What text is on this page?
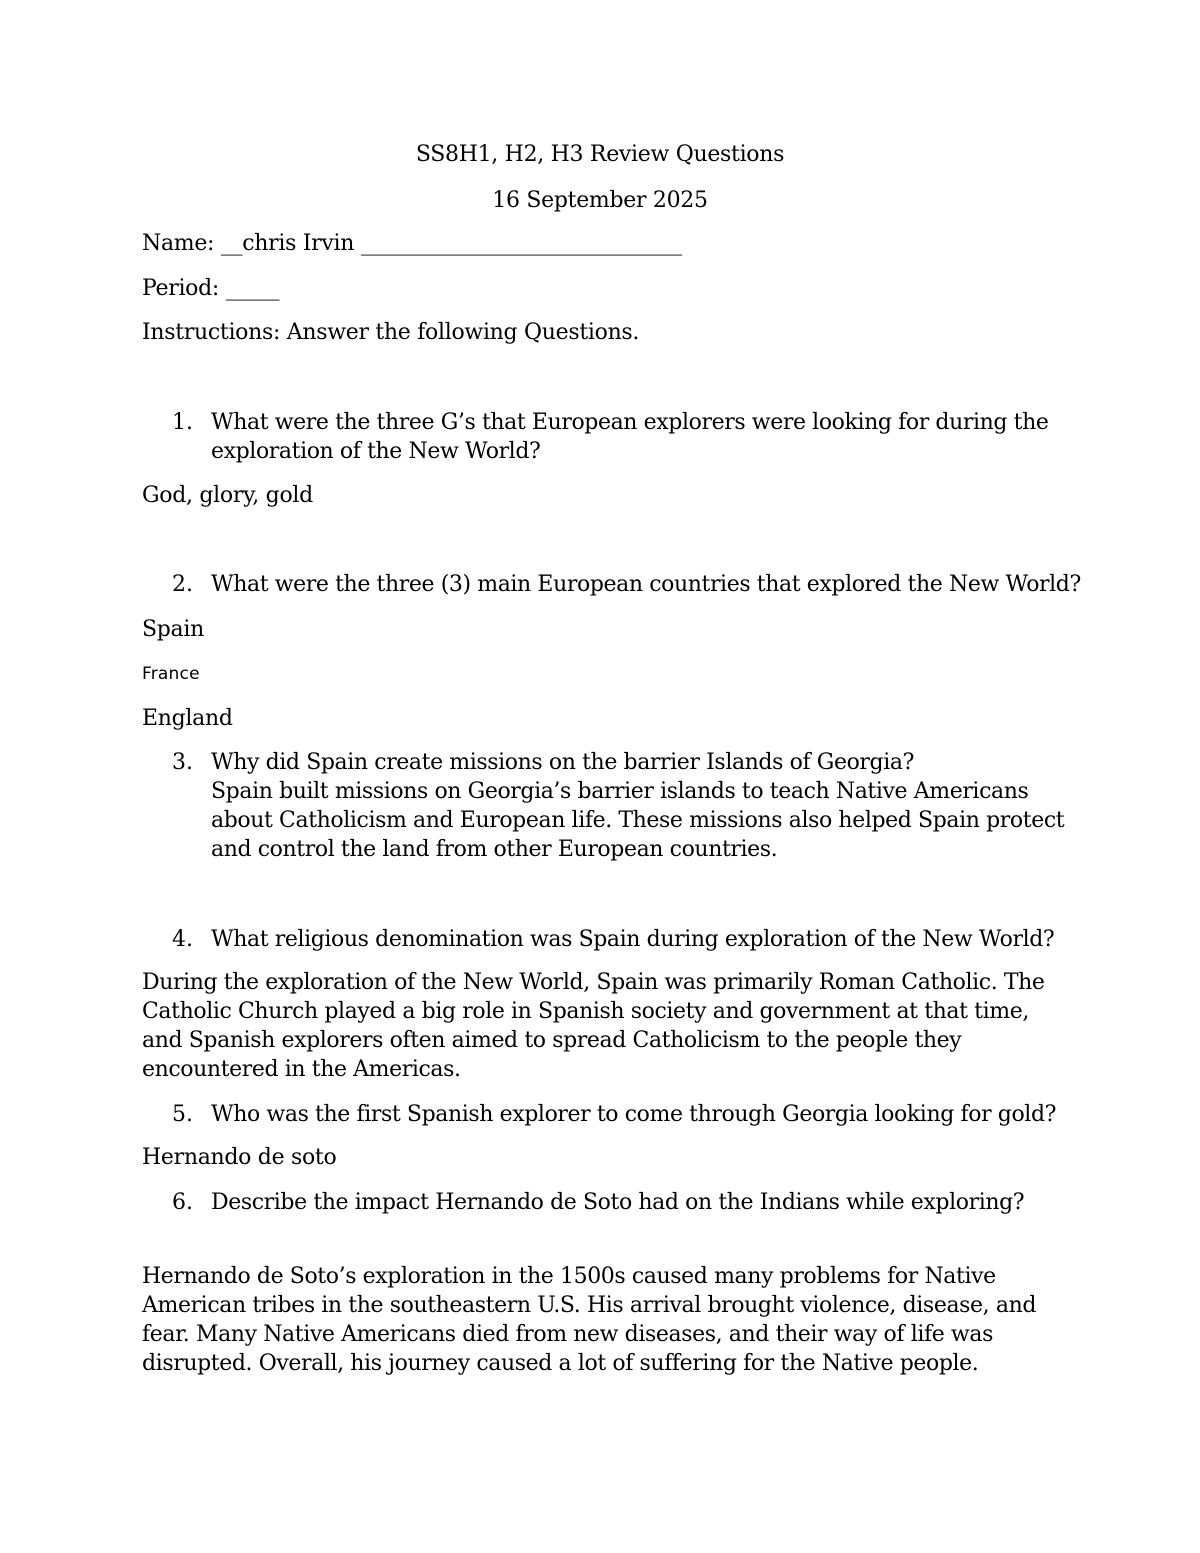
SS8H1, H2, H3 Review Questions
16 September 2025
Name: __chris Irvin ______________________________
Period: _____
Instructions: Answer the following Questions.
1. What were the three G’s that European explorers were looking for during the exploration of the New World?
God, glory, gold
2. What were the three (3) main European countries that explored the New World?
Spain
France
England
3. Why did Spain create missions on the barrier Islands of Georgia?
Spain built missions on Georgia’s barrier islands to teach Native Americans about Catholicism and European life. These missions also helped Spain protect and control the land from other European countries.
4. What religious denomination was Spain during exploration of the New World?
During the exploration of the New World, Spain was primarily Roman Catholic. The Catholic Church played a big role in Spanish society and government at that time, and Spanish explorers often aimed to spread Catholicism to the people they encountered in the Americas.
5. Who was the first Spanish explorer to come through Georgia looking for gold?
Hernando de soto
6. Describe the impact Hernando de Soto had on the Indians while exploring?
Hernando de Soto’s exploration in the 1500s caused many problems for Native American tribes in the southeastern U.S. His arrival brought violence, disease, and fear. Many Native Americans died from new diseases, and their way of life was disrupted. Overall, his journey caused a lot of suffering for the Native people.
